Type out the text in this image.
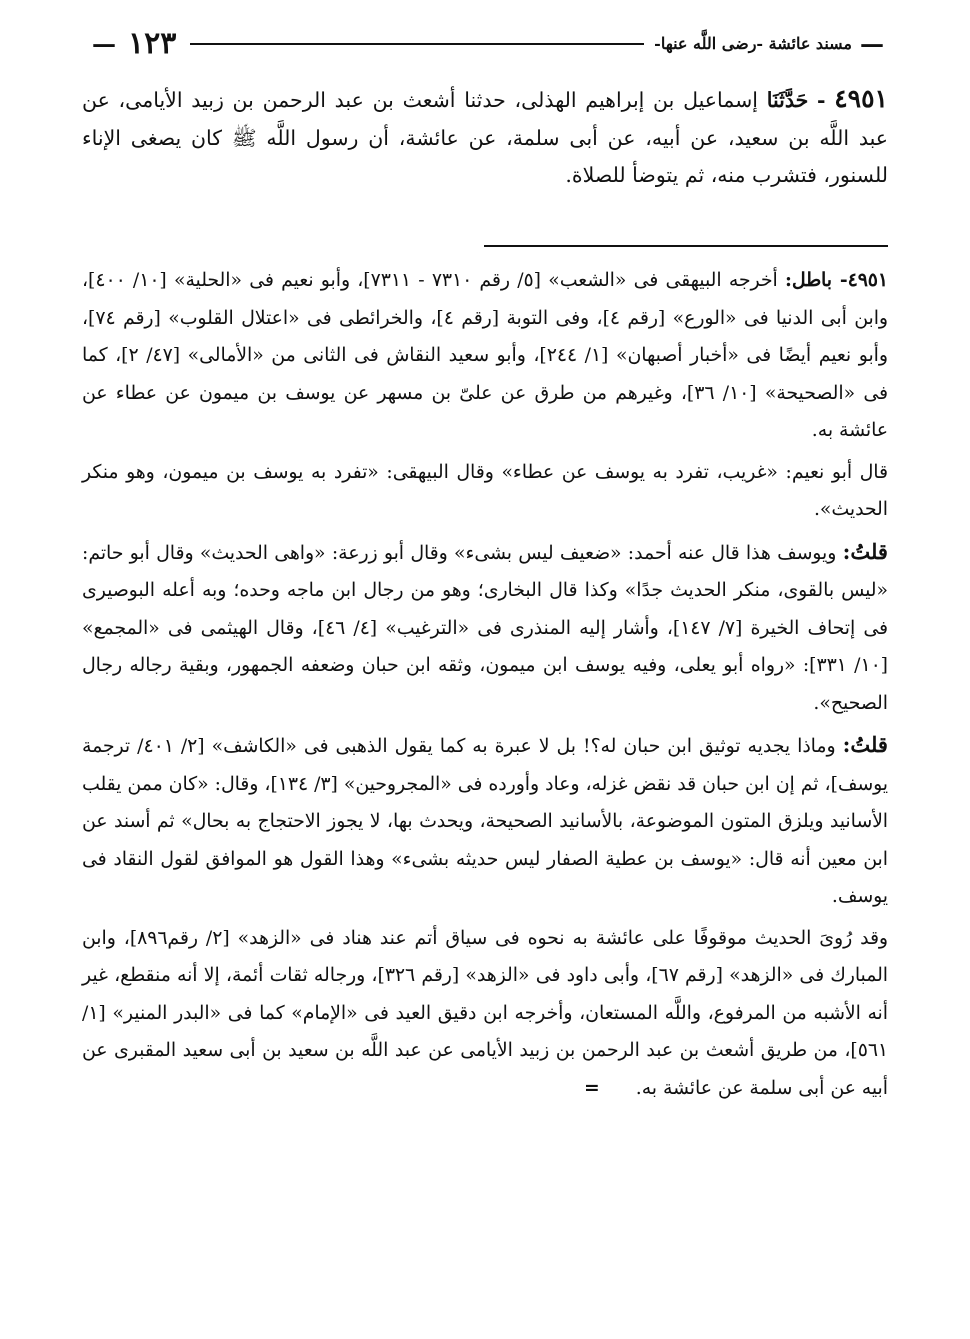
— ١٢٣	مسند عائشة -رضى اللَّه عنها- —
٤٩٥١ - حَدَّثَنَا إسماعيل بن إبراهيم الهذلى، حدثنا أشعث بن عبد الرحمن بن زبيد الأيامى، عن عبد اللَّه بن سعيد، عن أبيه، عن أبى سلمة، عن عائشة، أن رسول اللَّه ﷺ كان يصغى الإناء للسنور، فتشرب منه، ثم يتوضأ للصلاة.

٤٩٥١- باطل: أخرجه البيهقى فى «الشعب» [٥/ رقم ٧٣١٠ - ٧٣١١]، وأبو نعيم فى «الحلية» [١٠/ ٤٠٠]، وابن أبى الدنيا فى «الورع» [رقم ٤]، وفى التوبة [رقم ٤]، والخرائطى فى «اعتلال القلوب» [رقم ٧٤]، وأبو نعيم أيضًا فى «أخبار أصبهان» [١/ ٢٤٤]، وأبو سعيد النقاش فى الثانى من «الأمالى» [٤٧/ ٢]، كما فى «الصحيحة» [١٠/ ٣٦]، وغيرهم من طرق عن علىّ بن مسهر عن يوسف بن ميمون عن عطاء عن عائشة به.

قال أبو نعيم: «غريب، تفرد به يوسف عن عطاء» وقال البيهقى: «تفرد به يوسف بن ميمون، وهو منكر الحديث».

قلتُ: ويوسف هذا قال عنه أحمد: «ضعيف ليس بشىء» وقال أبو زرعة: «واهى الحديث» وقال أبو حاتم: «ليس بالقوى، منكر الحديث جدًا» وكذا قال البخارى؛ وهو من رجال ابن ماجه وحده؛ وبه أعله البوصيرى فى إتحاف الخيرة [٧/ ١٤٧]، وأشار إليه المنذرى فى «الترغيب» [٤/ ٤٦]، وقال الهيثمى فى «المجمع» [١٠/ ٣٣١]: «رواه أبو يعلى، وفيه يوسف ابن ميمون، وثقه ابن حبان وضعفه الجمهور، وبقية رجاله رجال الصحيح».

قلتُ: وماذا يجديه توثيق ابن حبان له؟! بل لا عبرة به كما يقول الذهبى فى «الكاشف» [٢/ ٤٠١/ ترجمة يوسف]، ثم إن ابن حبان قد نقض غزله، وعاد وأورده فى «المجروحين» [٣/ ١٣٤]، وقال: «كان ممن يقلب الأسانيد ويلزق المتون الموضوعة، بالأسانيد الصحيحة، ويحدث بها، لا يجوز الاحتجاج به بحال» ثم أسند عن ابن معين أنه قال: «يوسف بن عطية الصفار ليس حديثه بشىء» وهذا القول هو الموافق لقول النقاد فى يوسف.

وقد رُوىَ الحديث موقوفًا على عائشة به نحوه فى سياق أتم عند هناد فى «الزهد» [٢/ رقم٨٩٦]، وابن المبارك فى «الزهد» [رقم ٦٧]، وأبى داود فى «الزهد» [رقم ٣٢٦]، ورجاله ثقات أئمة، إلا أنه منقطع، غير أنه الأشبه من المرفوع، واللَّه المستعان، وأخرجه ابن دقيق العيد فى «الإمام» كما فى «البدر المنير» [١/ ٥٦١]، من طريق أشعث بن عبد الرحمن بن زبيد الأيامى عن عبد اللَّه بن سعيد بن أبى سعيد المقبرى عن أبيه عن أبى سلمة عن عائشة به. =
